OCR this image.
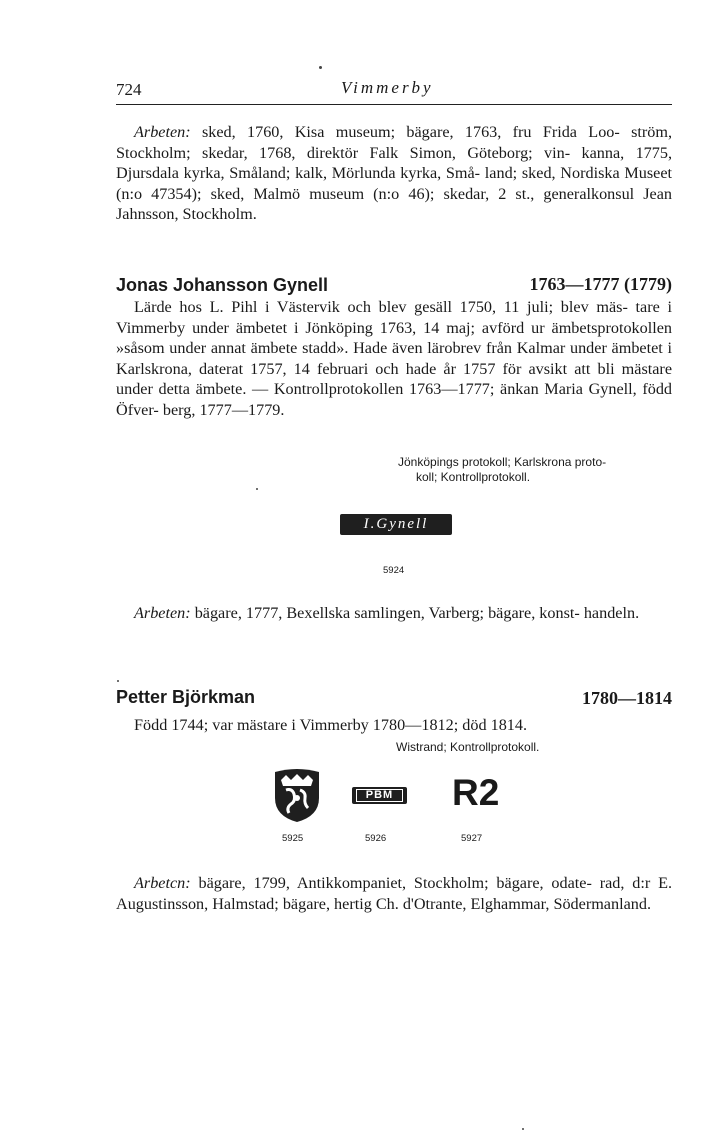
724	Vimmerby
Arbeten: sked, 1760, Kisa museum; bägare, 1763, fru Frida Loo- ström, Stockholm; skedar, 1768, direktör Falk Simon, Göteborg; vin- kanna, 1775, Djursdala kyrka, Småland; kalk, Mörlunda kyrka, Små- land; sked, Nordiska Museet (n:o 47354); sked, Malmö museum (n:o 46); skedar, 2 st., generalkonsul Jean Jahnsson, Stockholm.
Jonas Johansson Gynell	1763—1777 (1779)
Lärde hos L. Pihl i Västervik och blev gesäll 1750, 11 juli; blev mäs- tare i Vimmerby under ämbetet i Jönköping 1763, 14 maj; avförd ur ämbetsprotokollen »såsom under annat ämbete stadd». Hade även lärobrev från Kalmar under ämbetet i Karlskrona, daterat 1757, 14 februari och hade år 1757 för avsikt att bli mästare under detta ämbete. — Kontrollprotokollen 1763—1777; änkan Maria Gynell, född Öfver- berg, 1777—1779.
Jönköpings protokoll; Karlskrona proto-
koll; Kontrollprotokoll.
I.Gynell
5924
Arbeten: bägare, 1777, Bexellska samlingen, Varberg; bägare, konst- handeln.
Petter Björkman	1780—1814
Född 1744; var mästare i Vimmerby 1780—1812; död 1814.
Wistrand; Kontrollprotokoll.
5925
PBM
5926
R2
5927
Arbetcn: bägare, 1799, Antikkompaniet, Stockholm; bägare, odate- rad, d:r E. Augustinsson, Halmstad; bägare, hertig Ch. d'Otrante, Elghammar, Södermanland.
